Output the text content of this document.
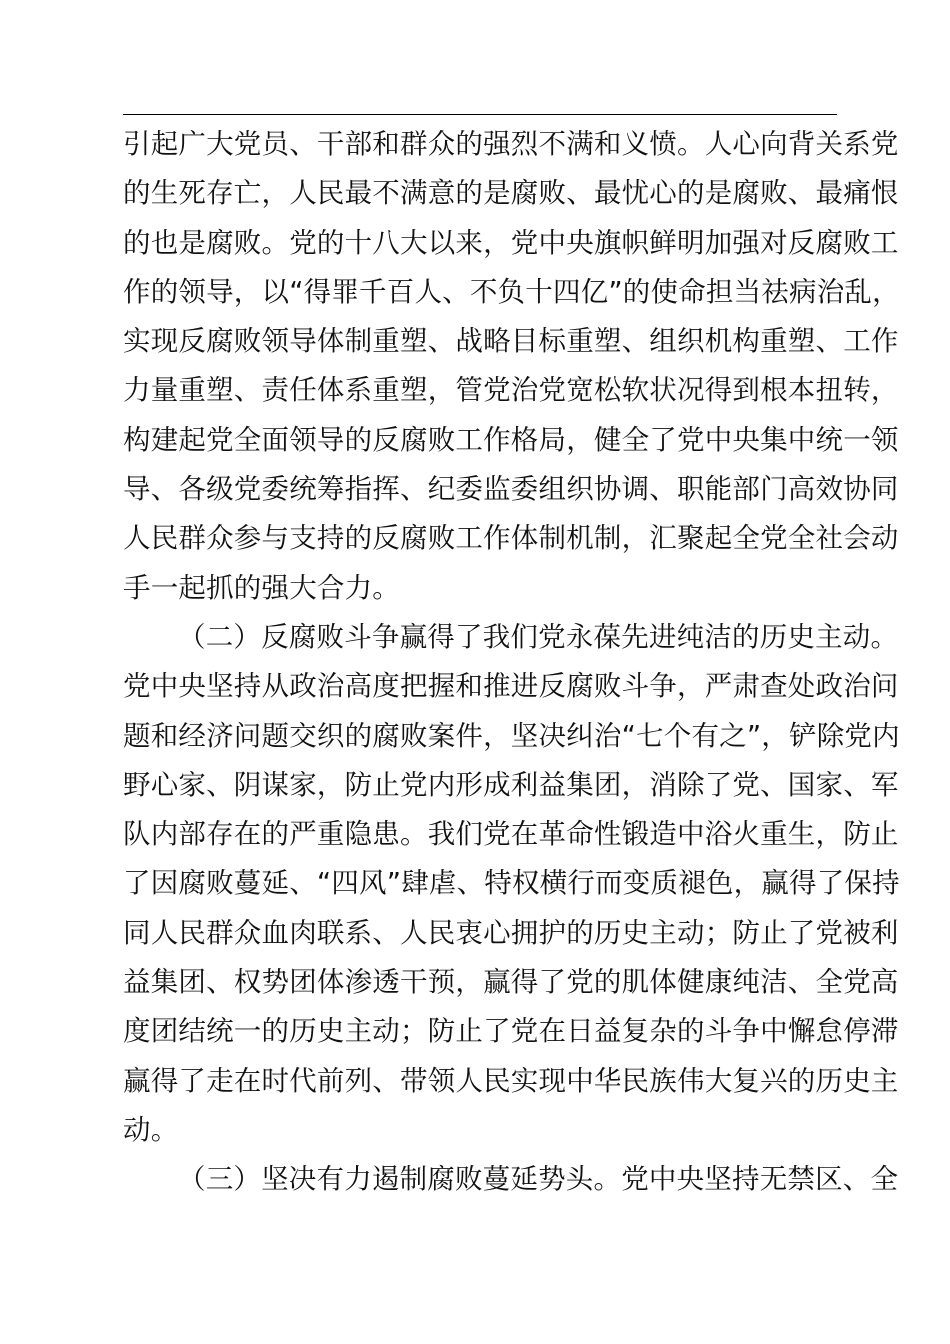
引起广大党员、干部和群众的强烈不满和义愤。人心向背关系党
的生死存亡，人民最不满意的是腐败、最忧心的是腐败、最痛恨
的也是腐败。党的十八大以来，党中央旗帜鲜明加强对反腐败工
作的领导，以“得罪千百人、不负十四亿”的使命担当祛病治乱，
实现反腐败领导体制重塑、战略目标重塑、组织机构重塑、工作
力量重塑、责任体系重塑，管党治党宽松软状况得到根本扭转，
构建起党全面领导的反腐败工作格局，健全了党中央集中统一领
导、各级党委统筹指挥、纪委监委组织协调、职能部门高效协同
人民群众参与支持的反腐败工作体制机制，汇聚起全党全社会动
手一起抓的强大合力。
（二）反腐败斗争赢得了我们党永葆先进纯洁的历史主动。
党中央坚持从政治高度把握和推进反腐败斗争，严肃查处政治问
题和经济问题交织的腐败案件，坚决纠治“七个有之”，铲除党内
野心家、阴谋家，防止党内形成利益集团，消除了党、国家、军
队内部存在的严重隐患。我们党在革命性锻造中浴火重生，防止
了因腐败蔓延、“四风”肆虐、特权横行而变质褪色，赢得了保持
同人民群众血肉联系、人民衷心拥护的历史主动；防止了党被利
益集团、权势团体渗透干预，赢得了党的肌体健康纯洁、全党高
度团结统一的历史主动；防止了党在日益复杂的斗争中懈怠停滞
赢得了走在时代前列、带领人民实现中华民族伟大复兴的历史主
动。
（三）坚决有力遏制腐败蔓延势头。党中央坚持无禁区、全
